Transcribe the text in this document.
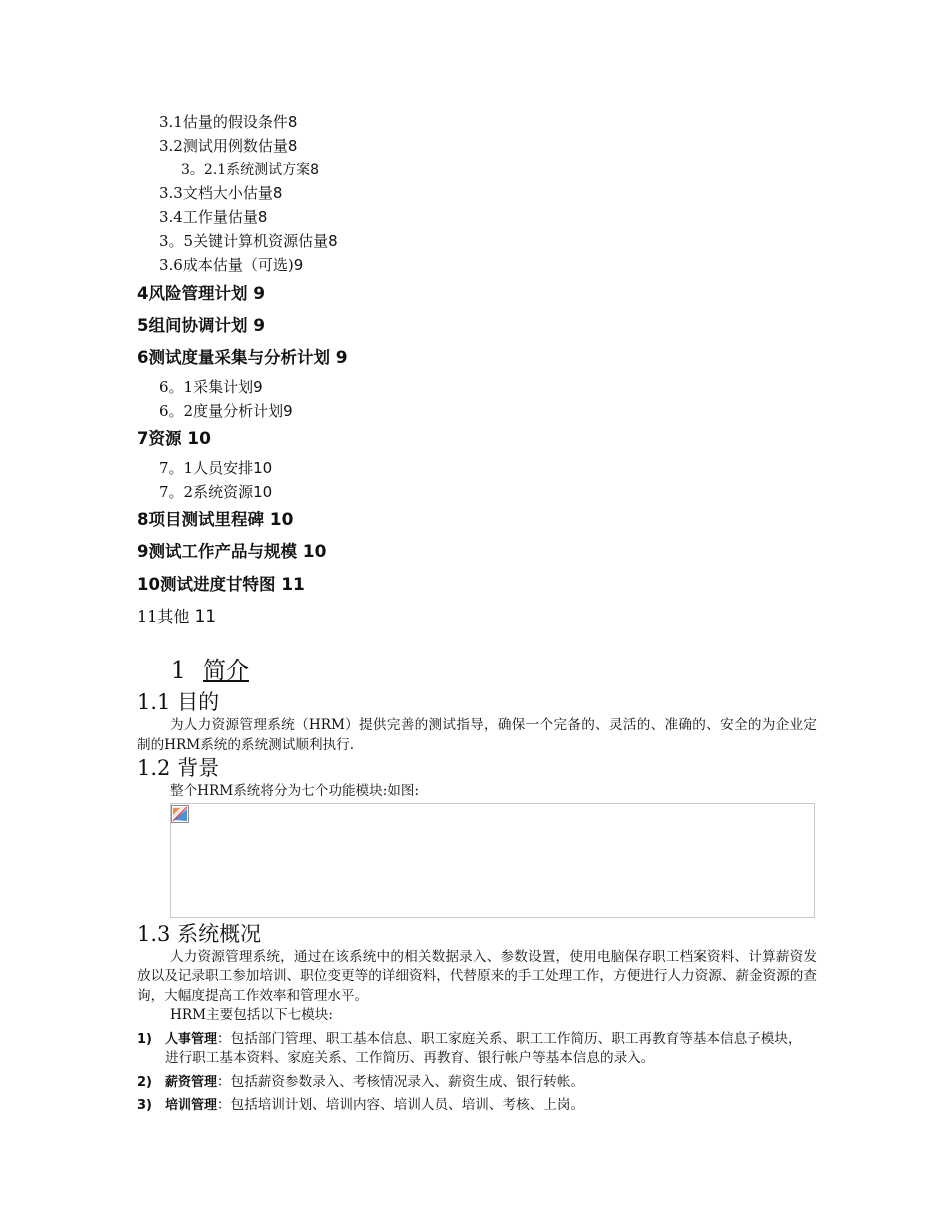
3.1估量的假设条件8
3.2测试用例数估量8
3。2.1系统测试方案8
3.3文档大小估量8
3.4工作量估量8
3。5关键计算机资源估量8
3.6成本估量（可选)9
4风险管理计划 9
5组间协调计划 9
6测试度量采集与分析计划 9
6。1采集计划9
6。2度量分析计划9
7资源 10
7。1人员安排10
7。2系统资源10
8项目测试里程碑 10
9测试工作产品与规模 10
10测试进度甘特图 11
11其他 11
1 简介
1.1 目的

为人力资源管理系统（HRM）提供完善的测试指导，确保一个完备的、灵活的、准确的、安全的为企业定制的HRM系统的系统测试顺利执行.

1.2 背景

整个HRM系统将分为七个功能模块:如图:

1.3 系统概况

人力资源管理系统，通过在该系统中的相关数据录入、参数设置，使用电脑保存职工档案资料、计算薪资发放以及记录职工参加培训、职位变更等的详细资料，代替原来的手工处理工作，方便进行人力资源、薪金资源的查询，大幅度提高工作效率和管理水平。

HRM主要包括以下七模块:

1)	人事管理：包括部门管理、职工基本信息、职工家庭关系、职工工作简历、职工再教育等基本信息子模块，进行职工基本资料、家庭关系、工作简历、再教育、银行帐户等基本信息的录入。
2)	薪资管理：包括薪资参数录入、考核情况录入、薪资生成、银行转帐。
3)	培训管理：包括培训计划、培训内容、培训人员、培训、考核、上岗。
